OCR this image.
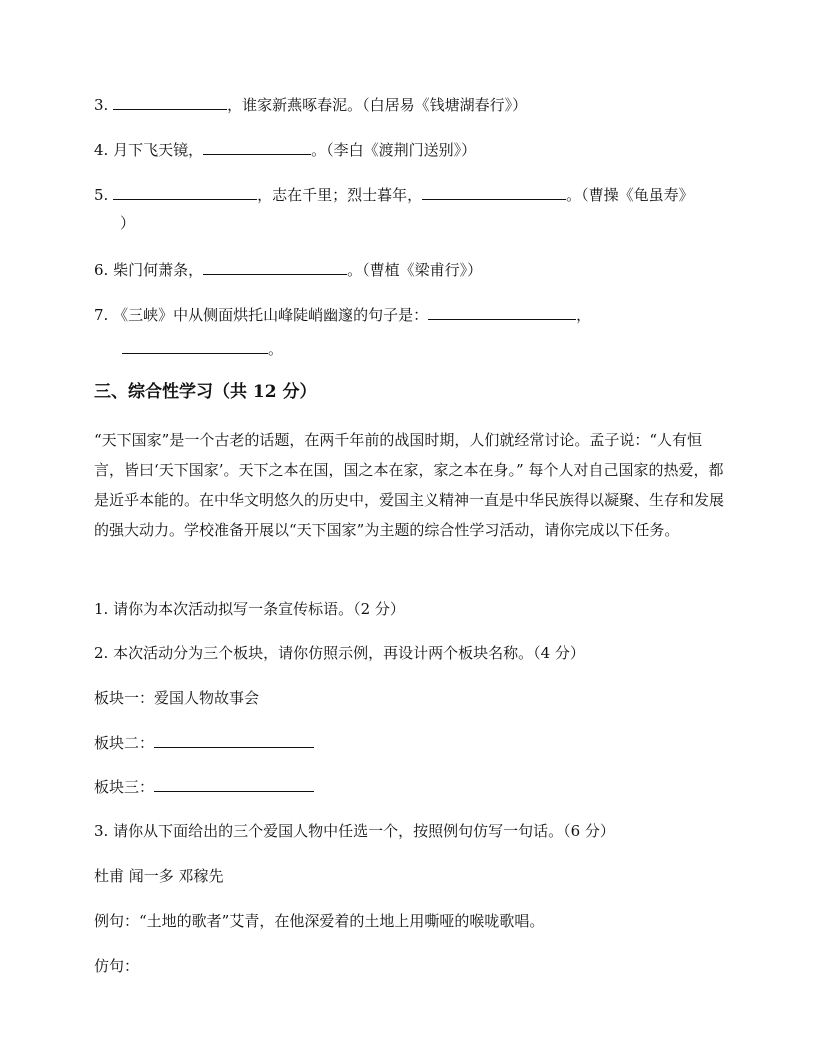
3.	，谁家新燕啄春泥。（白居易《钱塘湖春行》）
4. 月下飞天镜，	。（李白《渡荆门送别》）
5.	，志在千里；烈士暮年，	。（曹操《龟虽寿》
）
6. 柴门何萧条，	。（曹植《梁甫行》）
7. 《三峡》中从侧面烘托山峰陡峭幽邃的句子是：	，
。
三、综合性学习（共 12 分）
“天下国家”是一个古老的话题，在两千年前的战国时期，人们就经常讨论。孟子说：“人有恒言，皆曰‘天下国家’。天下之本在国，国之本在家，家之本在身。” 每个人对自己国家的热爱，都是近乎本能的。在中华文明悠久的历史中，爱国主义精神一直是中华民族得以凝聚、生存和发展的强大动力。学校准备开展以“天下国家”为主题的综合性学习活动，请你完成以下任务。
1. 请你为本次活动拟写一条宣传标语。（2 分）
2. 本次活动分为三个板块，请你仿照示例，再设计两个板块名称。（4 分）
板块一：爱国人物故事会
板块二：
板块三：
3. 请你从下面给出的三个爱国人物中任选一个，按照例句仿写一句话。（6 分）
杜甫 闻一多 邓稼先
例句：“土地的歌者”艾青，在他深爱着的土地上用嘶哑的喉咙歌唱。
仿句：
